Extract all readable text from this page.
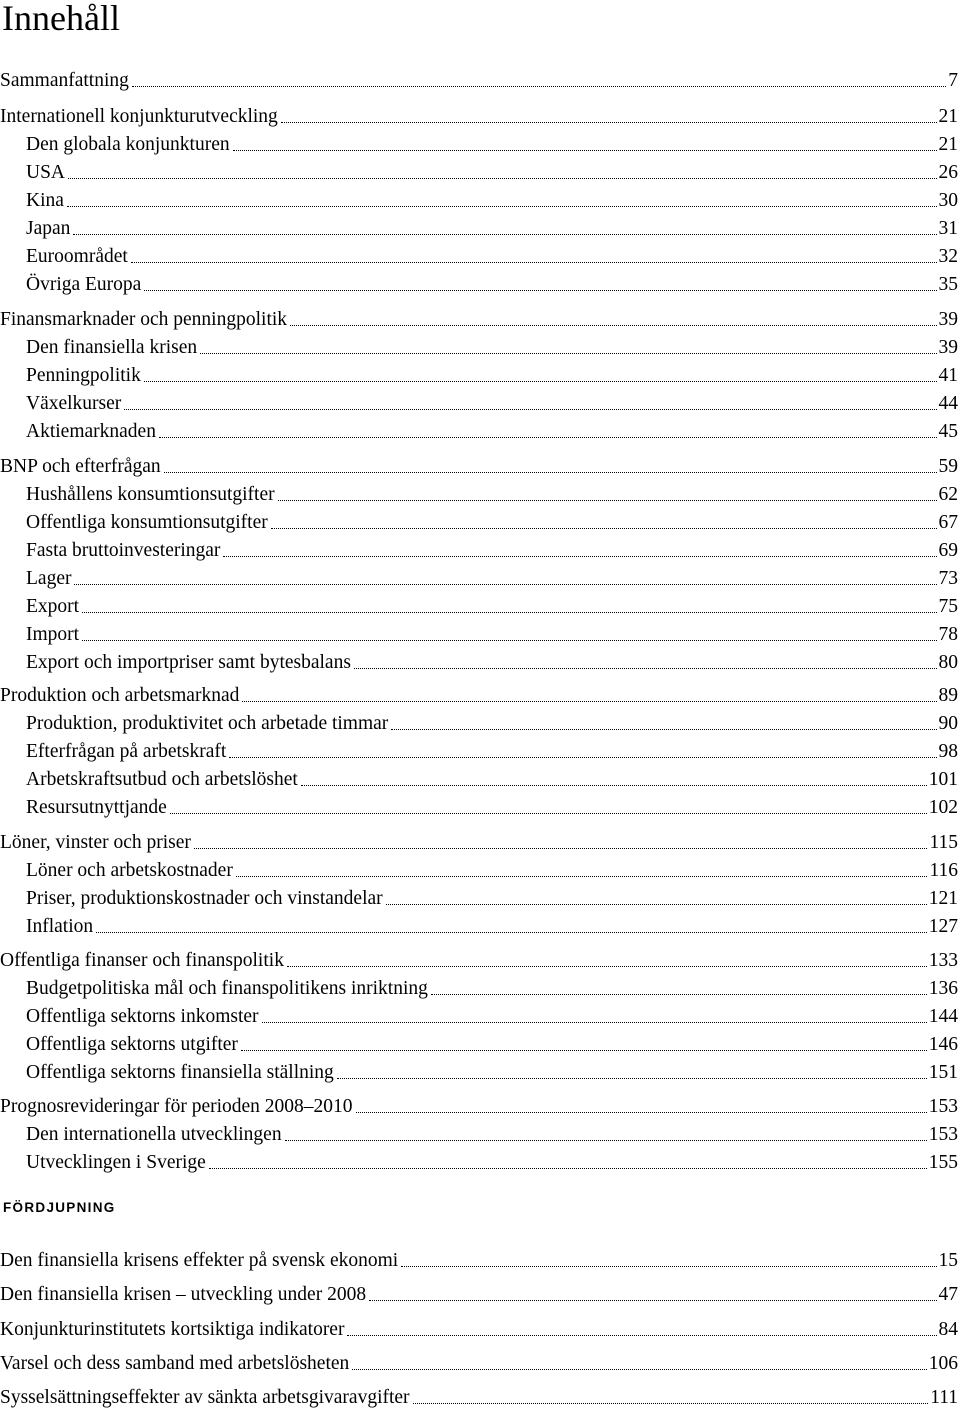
Innehåll
Sammanfattning	7
Internationell konjunkturutveckling	21
Den globala konjunkturen	21
USA	26
Kina	30
Japan	31
Euroområdet	32
Övriga Europa	35
Finansmarknader och penningpolitik	39
Den finansiella krisen	39
Penningpolitik	41
Växelkurser	44
Aktiemarknaden	45
BNP och efterfrågan	59
Hushållens konsumtionsutgifter	62
Offentliga konsumtionsutgifter	67
Fasta bruttoinvesteringar	69
Lager	73
Export	75
Import	78
Export och importpriser samt bytesbalans	80
Produktion och arbetsmarknad	89
Produktion, produktivitet och arbetade timmar	90
Efterfrågan på arbetskraft	98
Arbetskraftsutbud och arbetslöshet	101
Resursutnyttjande	102
Löner, vinster och priser	115
Löner och arbetskostnader	116
Priser, produktionskostnader och vinstandelar	121
Inflation	127
Offentliga finanser och finanspolitik	133
Budgetpolitiska mål och finanspolitikens inriktning	136
Offentliga sektorns inkomster	144
Offentliga sektorns utgifter	146
Offentliga sektorns finansiella ställning	151
Prognosrevideringar för perioden 2008–2010	153
Den internationella utvecklingen	153
Utvecklingen i Sverige	155
FÖRDJUPNING
Den finansiella krisens effekter på svensk ekonomi	15
Den finansiella krisen – utveckling under 2008	47
Konjunkturinstitutets kortsiktiga indikatorer	84
Varsel och dess samband med arbetslösheten	106
Sysselsättningseffekter av sänkta arbetsgivaravgifter	111
